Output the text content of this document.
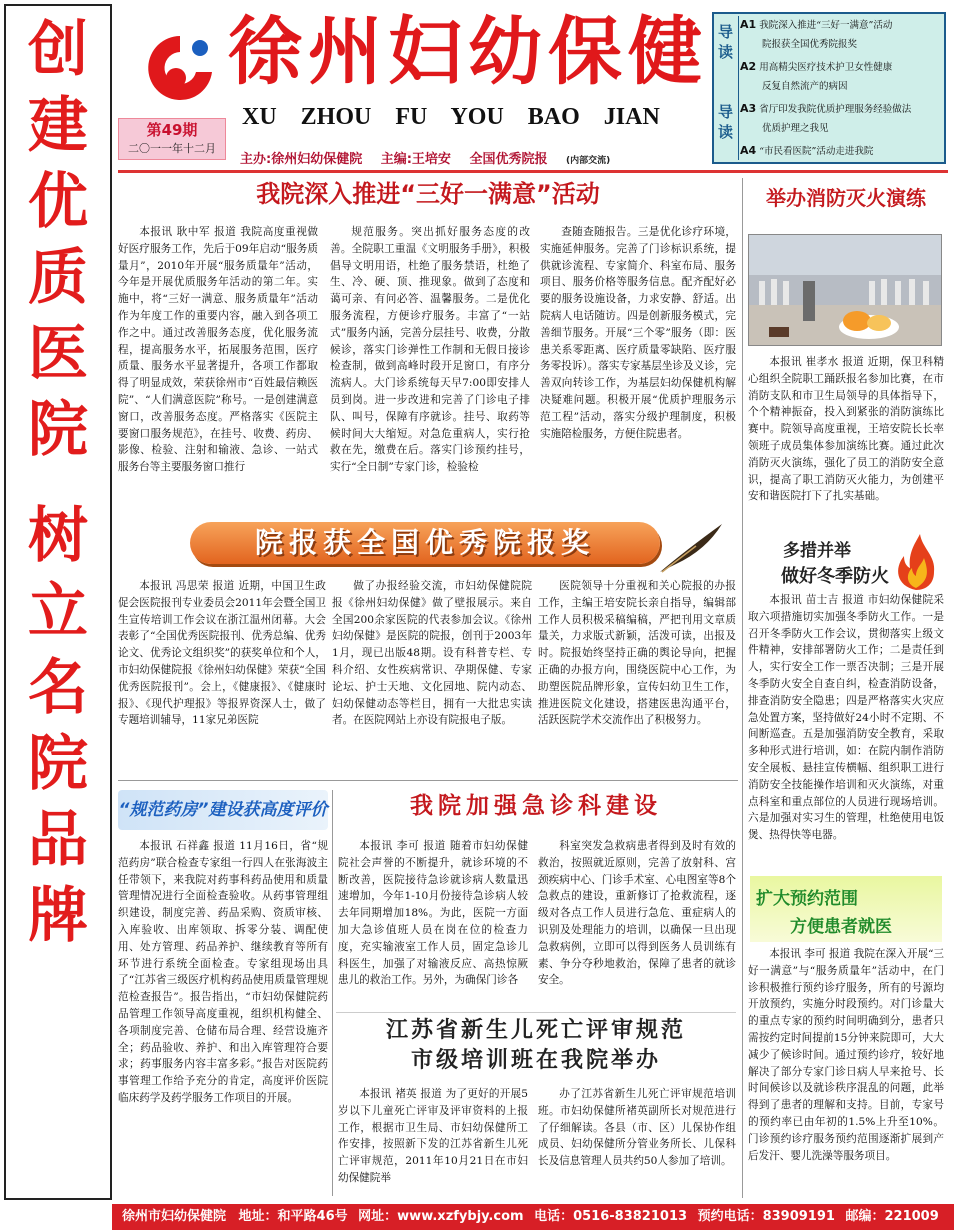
创
建
优
质
医
院
树
立
名
院
品
牌
徐州妇幼保健
XU ZHOU FU YOU BAO JIAN
第49期
二〇一一年十二月
主办:徐州妇幼保健院 主编:王培安 全国优秀院报 (内部交流)
导读
导读
A1 我院深入推进“三好一满意”活动
院报获全国优秀院报奖
A2 用高精尖医疗技术护卫女性健康
反复自然流产的病因
A3 省厅印发我院优质护理服务经验做法
优质护理之我见
A4 “市民看医院”活动走进我院
我院深入推进“三好一满意”活动

本报讯 耿中军 报道 我院高度重视做好医疗服务工作，先后于09年启动“服务质量月”，2010年开展“服务质量年”活动，今年是开展优质服务年活动的第二年。实施中，将“三好一满意、服务质量年”活动作为年度工作的重要内容，融入到各项工作之中。通过改善服务态度，优化服务流程，提高服务水平，拓展服务范围，医疗质量、服务水平显著提升，各项工作都取得了明显成效，荣获徐州市“百姓最信赖医院”、“人们满意医院”称号。一是创建满意窗口，改善服务态度。严格落实《医院主要窗口服务规范》，在挂号、收费、药房、影像、检验、注射和输液、急诊、一站式服务台等主要服务窗口推行

规范服务。突出抓好服务态度的改善。全院职工重温《文明服务手册》，积极倡导文明用语，杜绝了服务禁语，杜绝了生、冷、硬、顶、推现象。做到了态度和蔼可亲、有问必答、温馨服务。二是优化服务流程，方便诊疗服务。丰富了“一站式”服务内涵，完善分层挂号、收费，分散候诊，落实门诊弹性工作制和无假日接诊检查制，做到高峰时段开足窗口，有序分流病人。大门诊系统每天早7:00即安排人员到岗。进一步改进和完善了门诊电子排队、叫号，保障有序就诊。挂号、取药等候时间大大缩短。对急危重病人，实行抢救在先，缴费在后。落实门诊预约挂号，实行“全日制”专家门诊，检验检

查随查随报告。三是优化诊疗环境，实施延伸服务。完善了门诊标识系统，提供就诊流程、专家简介、科室布局、服务项目、服务价格等服务信息。配齐配好必要的服务设施设备，力求安静、舒适。出院病人电话随访。四是创新服务模式，完善细节服务。开展“三个零”服务（即：医患关系零距离、医疗质量零缺陷、医疗服务零投诉）。落实专家基层坐诊及义诊，完善双向转诊工作，为基层妇幼保健机构解决疑难问题。积极开展“优质护理服务示范工程”活动，落实分级护理制度，积极实施陪检服务，方便住院患者。

举办消防灭火演练

本报讯 崔孝水 报道 近期，保卫科精心组织全院职工踊跃报名参加比赛，在市消防支队和市卫生局领导的具体指导下，个个精神振奋，投入到紧张的消防演练比赛中。院领导高度重视，王培安院长长率领班子成员集体参加演练比赛。通过此次消防灭火演练，强化了员工的消防安全意识，提高了职工消防灭火能力，为创建平安和谐医院打下了扎实基础。

院报获全国优秀院报奖

本报讯 冯思荣 报道 近期，中国卫生政促会医院报刊专业委员会2011年会暨全国卫生宣传培训工作会议在浙江温州闭幕。大会表彰了“全国优秀医院报刊、优秀总编、优秀论文、优秀论文组织奖”的获奖单位和个人，市妇幼保健院报《徐州妇幼保健》荣获“全国优秀医院报刊”。会上，《健康报》、《健康时报》、《现代护理报》等报界资深人士，做了专题培训辅导，11家兄弟医院

做了办报经验交流，市妇幼保健院院报《徐州妇幼保健》做了壁报展示。来自全国200余家医院的代表参加会议。《徐州妇幼保健》是医院的院报，创刊于2003年1月，现已出版48期。设有科普专栏、专科介绍、女性疾病常识、孕期保健、专家论坛、护士天地、文化园地、院内动态、妇幼保健动态等栏目，拥有一大批忠实读者。在医院网站上亦设有院报电子版。

医院领导十分重视和关心院报的办报工作，主编王培安院长亲自指导，编辑部工作人员积极采稿编稿，严把刊用文章质量关，力求版式新颖，活泼可读，出报及时。院报始终坚持正确的舆论导向，把握正确的办报方向，围绕医院中心工作，为助塑医院品牌形象，宣传妇幼卫生工作，推进医院文化建设，搭建医患沟通平台，活跃医院学术交流作出了积极努力。

多措并举
做好冬季防火

本报讯 苗士吉 报道 市妇幼保健院采取六项措施切实加强冬季防火工作。一是召开冬季防火工作会议，贯彻落实上级文件精神，安排部署防火工作；二是责任到人，实行安全工作一票否决制；三是开展冬季防火安全自查自纠，检查消防设备，排查消防安全隐患；四是严格落实火灾应急处置方案，坚持做好24小时不定期、不间断巡查。五是加强消防安全教育，采取多种形式进行培训，如：在院内制作消防安全展板、悬挂宣传横幅、组织职工进行消防安全技能操作培训和灭火演练，对重点科室和重点部位的人员进行现场培训。六是加强对实习生的管理，杜绝使用电饭煲、热得快等电器。

“规范药房”建设获高度评价

本报讯 石祥鑫 报道 11月16日，省“规范药房”联合检查专家组一行四人在张海波主任带领下，来我院对药事科药品使用和质量管理情况进行全面检查验收。从药事管理组织建设，制度完善、药品采购、资质审核、入库验收、出库领取、拆零分装、调配使用、处方管理、药品养护、继续教育等所有环节进行系统全面检查。专家组现场出具了“江苏省三级医疗机构药品使用质量管理规范检查报告”。报告指出，“市妇幼保健院药品管理工作领导高度重视，组织机构健全、各项制度完善、仓储布局合理、经营设施齐全；药品验收、养护、和出入库管理符合要求；药事服务内容丰富多彩。”报告对医院药事管理工作给予充分的肯定，高度评价医院临床药学及药学服务工作项目的开展。

我院加强急诊科建设

本报讯 李可 报道 随着市妇幼保健院社会声誉的不断提升，就诊环境的不断改善，医院接待急诊就诊病人数量迅速增加，今年1-10月份接待急诊病人较去年同期增加18%。为此，医院一方面加大急诊值班人员在岗在位的检查力度，充实输液室工作人员，固定急诊儿科医生，加强了对输液反应、高热惊厥患儿的救治工作。另外，为确保门诊各

科室突发急救病患者得到及时有效的救治，按照就近原则，完善了放射科、宫颈疾病中心、门诊手术室、心电图室等8个急救点的建设，重新修订了抢救流程，逐级对各点工作人员进行急危、重症病人的识别及处理能力的培训，以确保一旦出现急救病例，立即可以得到医务人员训练有素、争分夺秒地救治，保障了患者的就诊安全。

江苏省新生儿死亡评审规范
市级培训班在我院举办

本报讯 褚英 报道 为了更好的开展5岁以下儿童死亡评审及评审资料的上报工作，根据市卫生局、市妇幼保健所工作安排，按照新下发的江苏省新生儿死亡评审规范，2011年10月21日在市妇幼保健院举

办了江苏省新生儿死亡评审规范培训班。市妇幼保健所褚英副所长对规范进行了仔细解读。各县（市、区）儿保协作组成员、妇幼保健所分管业务所长、儿保科长及信息管理人员共约50人参加了培训。

扩大预约范围
方便患者就医

本报讯 李可 报道 我院在深入开展“三好一满意”与“服务质量年”活动中，在门诊积极推行预约诊疗服务，所有的号源均开放预约，实施分时段预约。对门诊量大的重点专家的预约时间明确到分，患者只需按约定时间提前15分钟来院即可，大大减少了候诊时间。通过预约诊疗，较好地解决了部分专家门诊日病人早来抢号、长时间候诊以及就诊秩序混乱的问题，此举得到了患者的理解和支持。目前，专家号的预约率已由年初的1.5%上升至10%。门诊预约诊疗服务预约范围逐渐扩展到产后发汗、婴儿洗澡等服务项目。

徐州市妇幼保健院 地址：和平路46号 网址：www.xzfybjy.com 电话：0516-83821013 预约电话：83909191 邮编：221009
